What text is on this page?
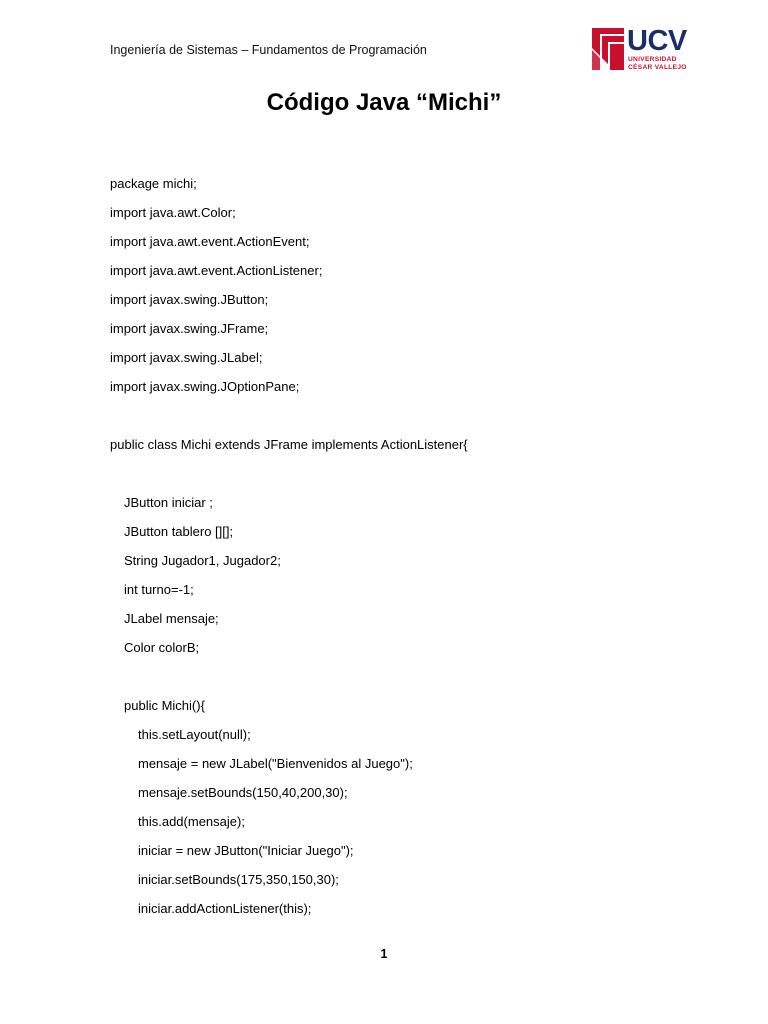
Ingeniería de Sistemas – Fundamentos de Programación	UCV
UNIVERSIDAD
CÉSAR VALLEJO
Código Java “Michi”
package michi;
import java.awt.Color;
import java.awt.event.ActionEvent;
import java.awt.event.ActionListener;
import javax.swing.JButton;
import javax.swing.JFrame;
import javax.swing.JLabel;
import javax.swing.JOptionPane;
public class Michi extends JFrame implements ActionListener{
JButton iniciar ;
JButton tablero [][];
String Jugador1, Jugador2;
int turno=-1;
JLabel mensaje;
Color colorB;
public Michi(){
this.setLayout(null);
mensaje = new JLabel("Bienvenidos al Juego");
mensaje.setBounds(150,40,200,30);
this.add(mensaje);
iniciar = new JButton("Iniciar Juego");
iniciar.setBounds(175,350,150,30);
iniciar.addActionListener(this);
1
